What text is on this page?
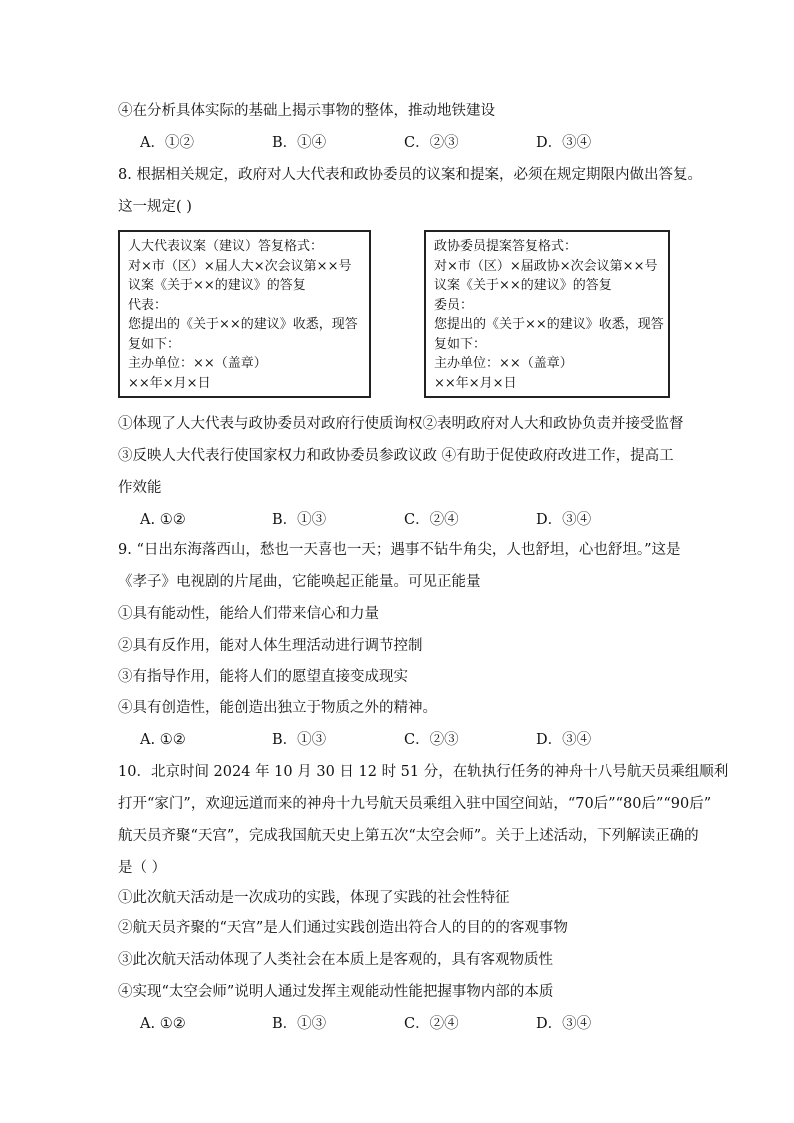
④在分析具体实际的基础上揭示事物的整体，推动地铁建设
A．①②	B．①④	C．②③	D．③④
8. 根据相关规定，政府对人大代表和政协委员的议案和提案，必须在规定期限内做出答复。
这一规定( )
人大代表议案（建议）答复格式：
对×市（区）×届人大×次会议第××号
议案《关于××的建议》的答复
代表：
您提出的《关于××的建议》收悉，现答
复如下：
主办单位：××（盖章）
××年×月×日
政协委员提案答复格式：
对×市（区）×届政协×次会议第××号
议案《关于××的建议》的答复
委员：
您提出的《关于××的建议》收悉，现答
复如下：
主办单位：××（盖章）
××年×月×日
①体现了人大代表与政协委员对政府行使质询权②表明政府对人大和政协负责并接受监督
③反映人大代表行使国家权力和政协委员参政议政 ④有助于促使政府改进工作，提高工
作效能
A. ①②	B．①③	C．②④	D．③④
9. “日出东海落西山，愁也一天喜也一天；遇事不钻牛角尖，人也舒坦，心也舒坦。”这是
《孝子》电视剧的片尾曲，它能唤起正能量。可见正能量
①具有能动性，能给人们带来信心和力量
②具有反作用，能对人体生理活动进行调节控制
③有指导作用，能将人们的愿望直接变成现实
④具有创造性，能创造出独立于物质之外的精神。
A. ①②	B．①③	C．②③	D．③④
10．北京时间 2024 年 10 月 30 日 12 时 51 分，在轨执行任务的神舟十八号航天员乘组顺利
打开“家门”，欢迎远道而来的神舟十九号航天员乘组入驻中国空间站，“70后”“80后”“90后”
航天员齐聚“天宫”，完成我国航天史上第五次“太空会师”。关于上述活动，下列解读正确的
是（ ）
①此次航天活动是一次成功的实践，体现了实践的社会性特征
②航天员齐聚的“天宫”是人们通过实践创造出符合人的目的的客观事物
③此次航天活动体现了人类社会在本质上是客观的，具有客观物质性
④实现“太空会师”说明人通过发挥主观能动性能把握事物内部的本质
A. ①②	B．①③	C．②④	D．③④
